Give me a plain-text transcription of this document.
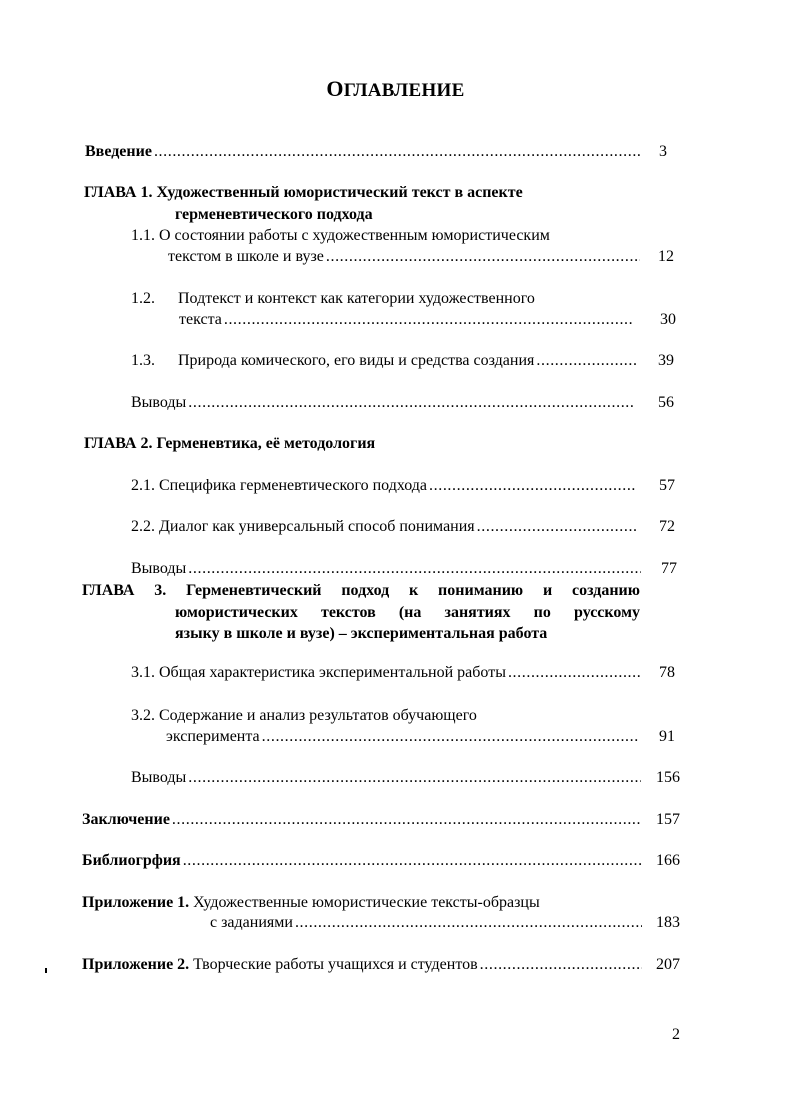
ОГЛАВЛЕНИЕ
Введение .....	3
ГЛАВА 1. Художественный юмористический текст в аспекте
герменевтического подхода
1.1. О состоянии работы с художественным юмористическим
текстом в школе и вузе .....	12
1.2. Подтекст и контекст как категории художественного
текста .....	30
1.3. Природа комического, его виды и средства создания .....	39
Выводы .....	56
ГЛАВА 2. Герменевтика, её методология
2.1. Специфика герменевтического подхода .....	57
2.2. Диалог как универсальный способ понимания .....	72
Выводы .....	77
ГЛАВА 3. Герменевтический подход к пониманию и созданию
юмористических текстов (на занятиях по русскому
языку в школе и вузе) – экспериментальная работа
3.1. Общая характеристика экспериментальной работы .....	78
3.2. Содержание и анализ результатов обучающего
эксперимента .....	91
Выводы .....	156
Заключение .....	157
Библиогрфия .....	166
Приложение 1. Художественные юмористические тексты-образцы
с заданиями .....	183
Приложение 2. Творческие работы учащихся и студентов .....	207
2
